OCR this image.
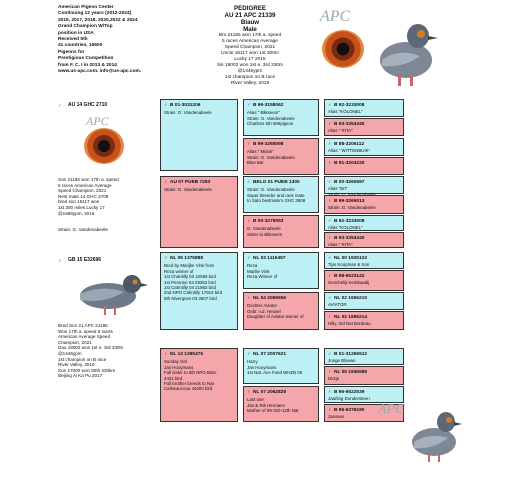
American Pigeon Center
Continuing 12 years (2012-2024)
2015, 2017, 2018, 2020,2022 & 2024
Grand Champion W/Top
position in USA
Received 5th
41 countries, 16500
Pigeons for
Prestigious Competition
from F. C. I in 2013 & 2014
www.us-apc.com. info@us-apc.com.
PEDIGREE
AU 21 APC 21339
Blauw
Male
Bro 21185 won 17th a. speed
5 races American Average
Speed Champion, 2021
Uncle 15117 won 1st 300m
Lucky 17 2015
Sis 19002 won 1st e. 3rd 330m
@1446ypm
1st champion on B race
River Valley, 2019
APC
♂ AU 14 GHC 2710
APC
Son 21185 won 17th a. speed
5 races American Average
Speed Champion, 2021
Nest mate 14 GHC 2709
bred son 15117 won
1st 300 miles Lucky 17
@1586ypm, 2015

Strain: G. Vandenabeele
♀ GB 15 E32696
Bred Sun 21 APC 21185
Won 17th a. speed 6 races
American Average Speed
Champion, 2021
Dau 19002 won 1st e. 3rd 330m
@1446ypm
1st champion on B race
River Valley, 2019
Son 17000 won 80th 430km
Beijing Ai Ka Pu 2017
♂ B 01-3031206
Strain: G. Vandenabeele
♀ AU 07 PUEB 7293
Strain: G. Vandenabeele
♂ NL 05 1375888
Bred by Marijke Vink from
Reza winner of
1st Chantilly 03 10559 bird
1st Peronne 04 29362 bird
1st Cahntilly 04 21862 bird
2nd NPO Cahntilly 17916 bird
5th Nivergnes 03 3607 bird
♀ NL 13 1395475
Sunday Girl
Jan Hooymans
Full sister to 8th NPO Blois
4431 bird
Full brother breeds to Nat
Carbeaucouu 44000 bird
♂ B 96-3158062
Alias " Blikseem"
Strain: G. Vandenabeele
Charless 5th 686pigeon
♀ B 99-3265098
Alias " Mistel"
Strain: G. Vandenabeele
Blue Bar
♂ BELG 01 PUEB 1300
Strain: G. Vandenabeele
Super Breeder and nest mate
to Sato bestmate's GHC 3908
♀ B 00-3279053
G. Vandenabeele
Sister to Blikseem
♂ NL 03 1116457
Reza
Marilie Vink
Reza Winner of
♀ NL 04 2069556
Dochter Aviator
Gebr. v.d. Heuvel
Daughter of Aviator winner of
♂ NL 07 2007621
Harry
Jan Hooymans
1st Nat. Ace Fond WHZB 09
♀ NL 07 2062828
Last one
Jan & Rik Hermans
Mother of 09-320-12th Nat
♂ B 92-3233008
Alias "KOLONEL"
♀ B 93-3354340
Alias " RITA"
♂ B 88-3206112
Alias " WITTENBUIK"
♀ B 91-3204220
♂ B 00-3260597
Alias "Brt"

♀ B 99-3265013
Strain: G. Vandenabeele
♂ B 92-3233008
Alias "KOLONEL"
♀ B 93-3354340
Alias " RITA"
♂ NL 00 1925122
Tips Koopman & Son
♀ B 98-6523142
Geschelijt Kerkbaadij
♂ NL 02 1656210
AVIATOR
♀ NL 02 1656214
Hilly, 3rd Nat Bordeau
♂ B 01-31266512
Jonge Blauwe
♀ NL 05 1936588
Dirkje
♂ B 96-6522539
Jaarling Dondersteen
♀ B 96-6376190
Janssen	APC
